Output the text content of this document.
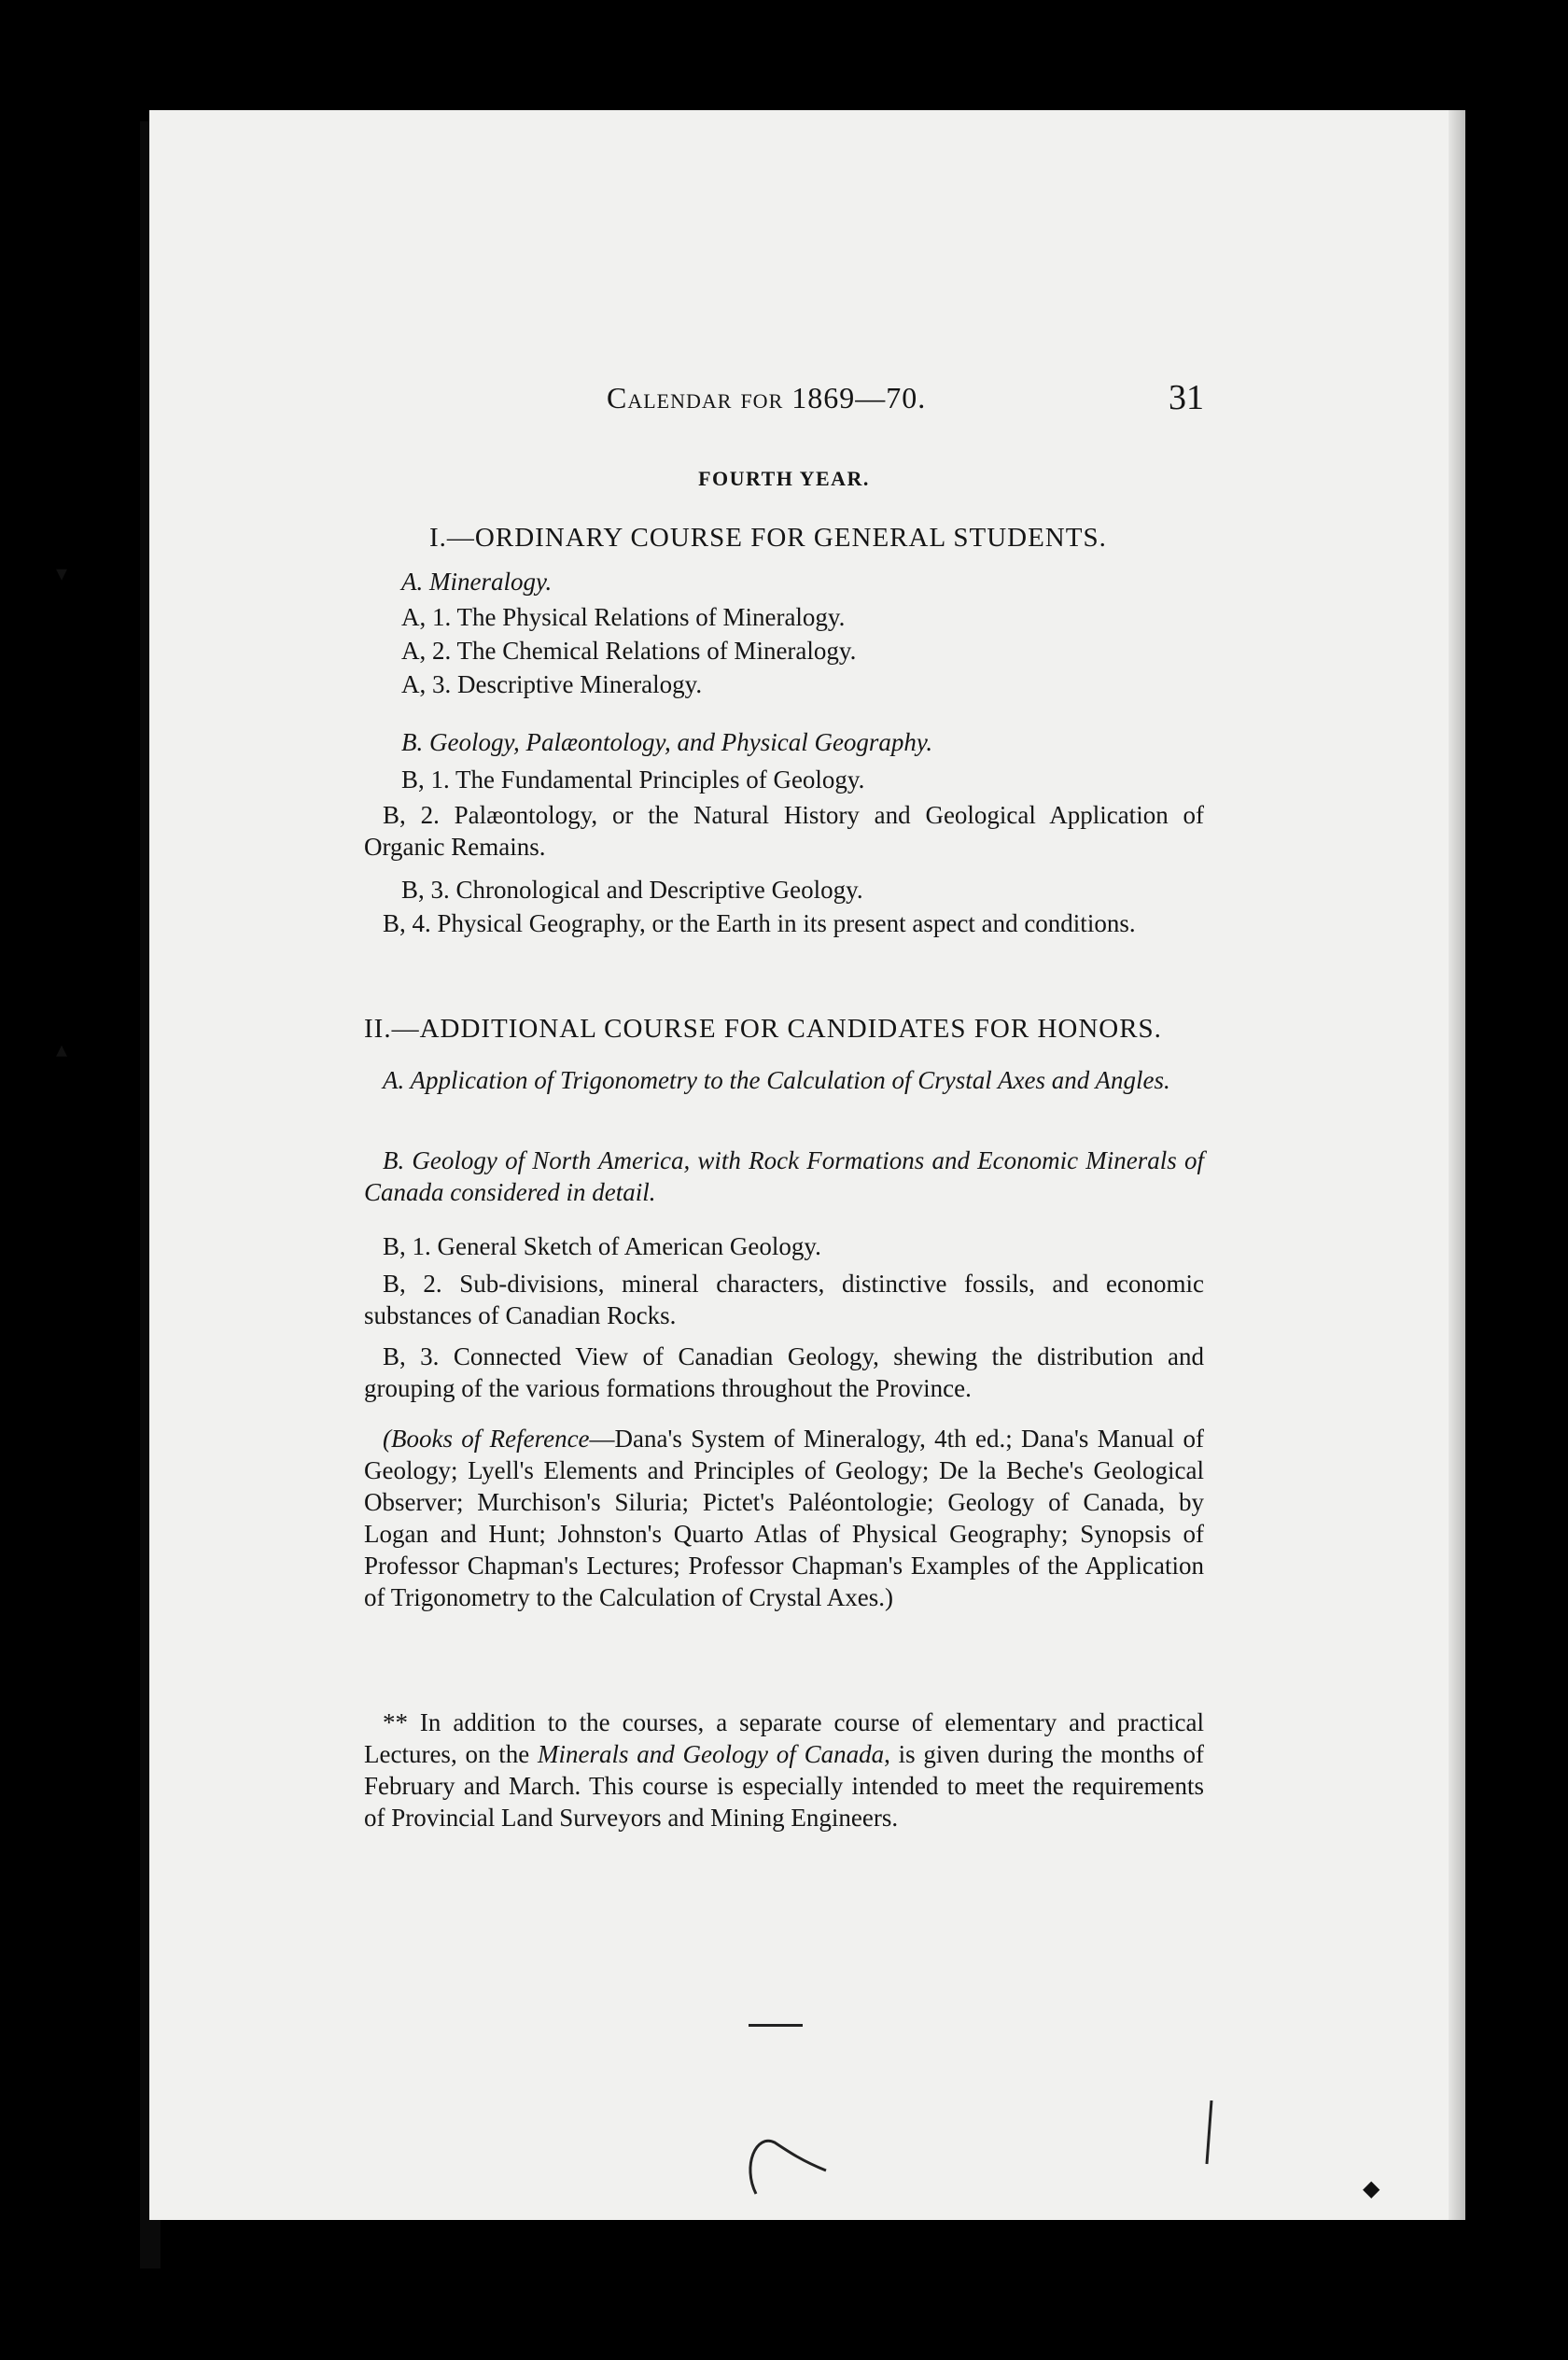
Calendar for 1869—70.	31
FOURTH YEAR.
I.—ORDINARY COURSE FOR GENERAL STUDENTS.
A. Mineralogy.
A, 1. The Physical Relations of Mineralogy.
A, 2. The Chemical Relations of Mineralogy.
A, 3. Descriptive Mineralogy.
B. Geology, Palæontology, and Physical Geography.
B, 1. The Fundamental Principles of Geology.
B, 2. Palæontology, or the Natural History and Geological Application of Organic Remains.
B, 3. Chronological and Descriptive Geology.
B, 4. Physical Geography, or the Earth in its present aspect and conditions.
II.—ADDITIONAL COURSE FOR CANDIDATES FOR HONORS.
A. Application of Trigonometry to the Calculation of Crystal Axes and Angles.
B. Geology of North America, with Rock Formations and Economic Minerals of Canada considered in detail.
B, 1. General Sketch of American Geology.
B, 2. Sub-divisions, mineral characters, distinctive fossils, and economic substances of Canadian Rocks.
B, 3. Connected View of Canadian Geology, shewing the distribution and grouping of the various formations throughout the Province.
(Books of Reference—Dana's System of Mineralogy, 4th ed.; Dana's Manual of Geology; Lyell's Elements and Principles of Geology; De la Beche's Geological Observer; Murchison's Siluria; Pictet's Paléontologie; Geology of Canada, by Logan and Hunt; Johnston's Quarto Atlas of Physical Geography; Synopsis of Professor Chapman's Lectures; Professor Chapman's Examples of the Application of Trigonometry to the Calculation of Crystal Axes.)
** In addition to the courses, a separate course of elementary and practical Lectures, on the Minerals and Geology of Canada, is given during the months of February and March. This course is especially intended to meet the requirements of Provincial Land Surveyors and Mining Engineers.
▾
▴
◆
